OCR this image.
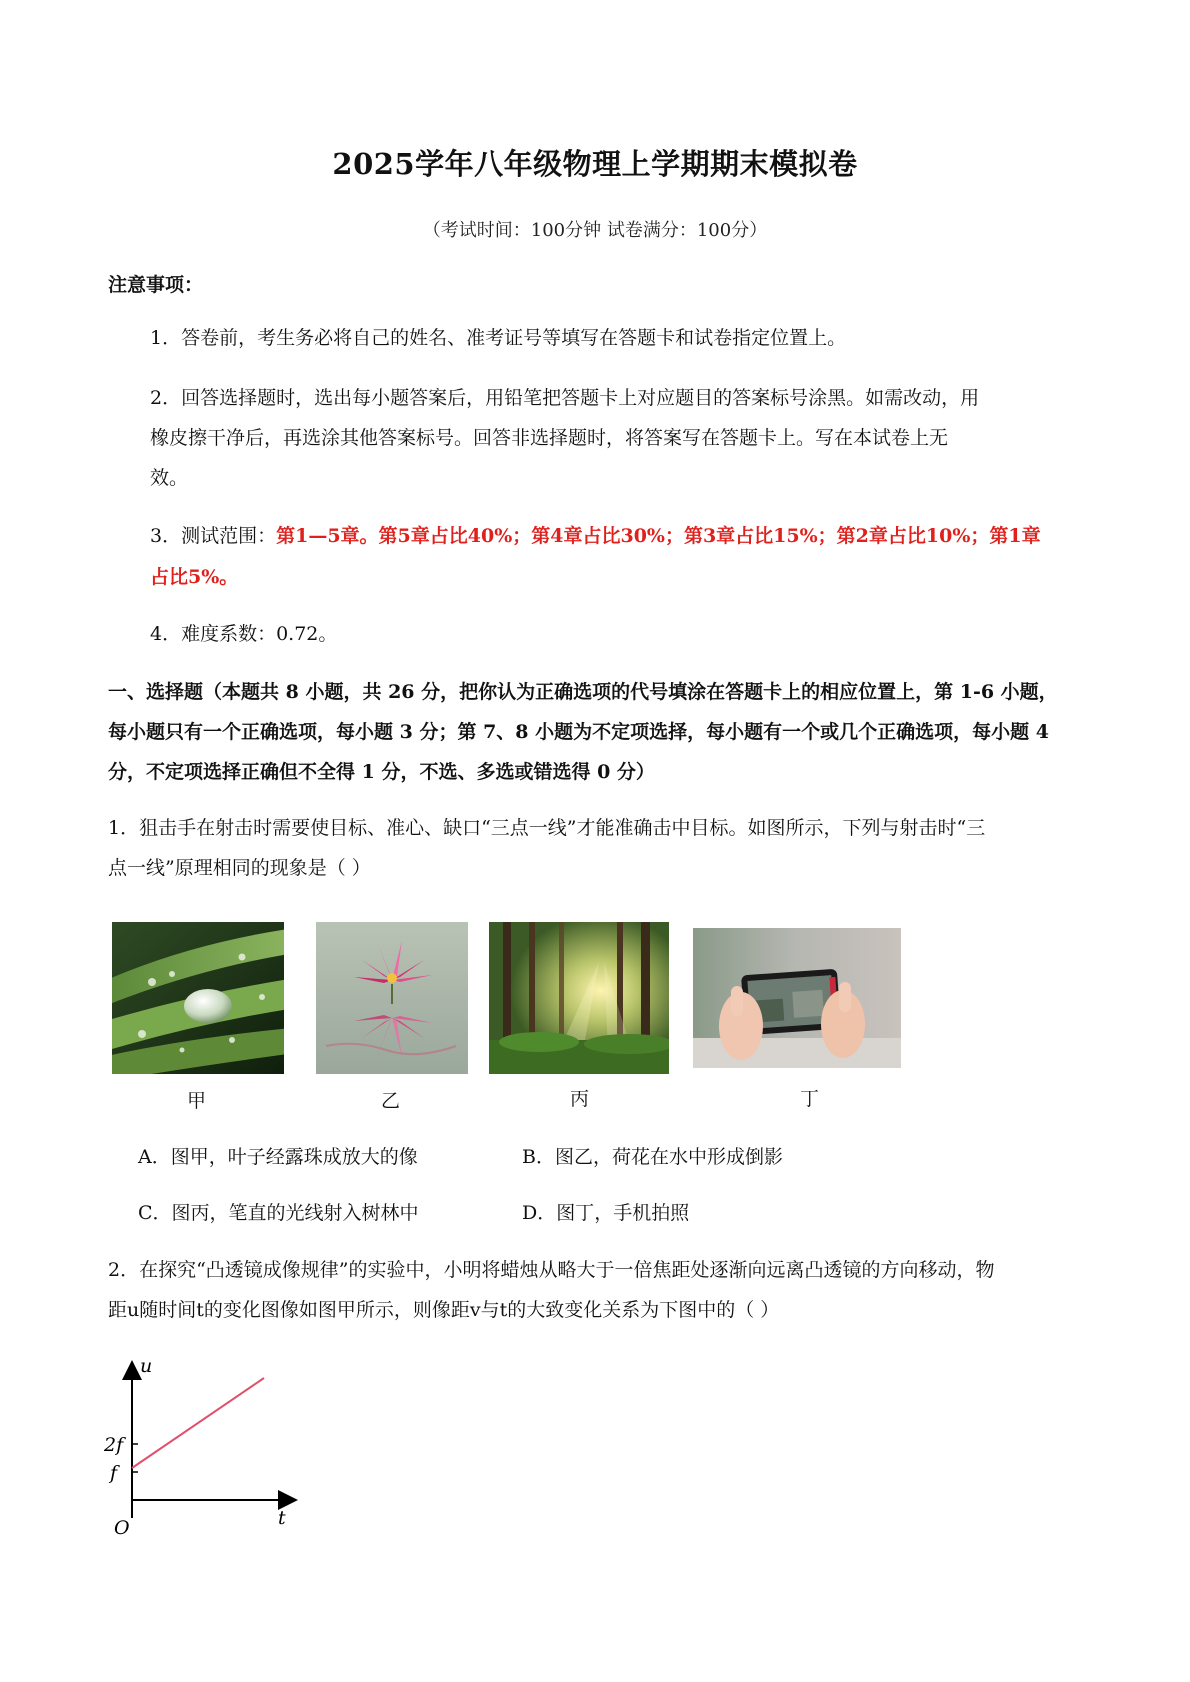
2025学年八年级物理上学期期末模拟卷
（考试时间：100分钟 试卷满分：100分）
注意事项：
1．答卷前，考生务必将自己的姓名、准考证号等填写在答题卡和试卷指定位置上。
2．回答选择题时，选出每小题答案后，用铅笔把答题卡上对应题目的答案标号涂黑。如需改动，用
橡皮擦干净后，再选涂其他答案标号。回答非选择题时，将答案写在答题卡上。写在本试卷上无
效。
3．测试范围：第1—5章。第5章占比40%；第4章占比30%；第3章占比15%；第2章占比10%；第1章
占比5%。
4．难度系数：0.72。
一、选择题（本题共 8 小题，共 26 分，把你认为正确选项的代号填涂在答题卡上的相应位置上，第 1-6 小题，
每小题只有一个正确选项，每小题 3 分；第 7、8 小题为不定项选择，每小题有一个或几个正确选项，每小题 4
分，不定项选择正确但不全得 1 分，不选、多选或错选得 0 分）
1．狙击手在射击时需要使目标、准心、缺口“三点一线”才能准确击中目标。如图所示，下列与射击时“三
点一线”原理相同的现象是（ ）
甲	乙	丙	丁
A．图甲，叶子经露珠成放大的像	B．图乙，荷花在水中形成倒影
C．图丙，笔直的光线射入树林中	D．图丁，手机拍照
2．在探究“凸透镜成像规律”的实验中，小明将蜡烛从略大于一倍焦距处逐渐向远离凸透镜的方向移动，物
距u随时间t的变化图像如图甲所示，则像距v与t的大致变化关系为下图中的（ ）
u
t
O
2f
f
